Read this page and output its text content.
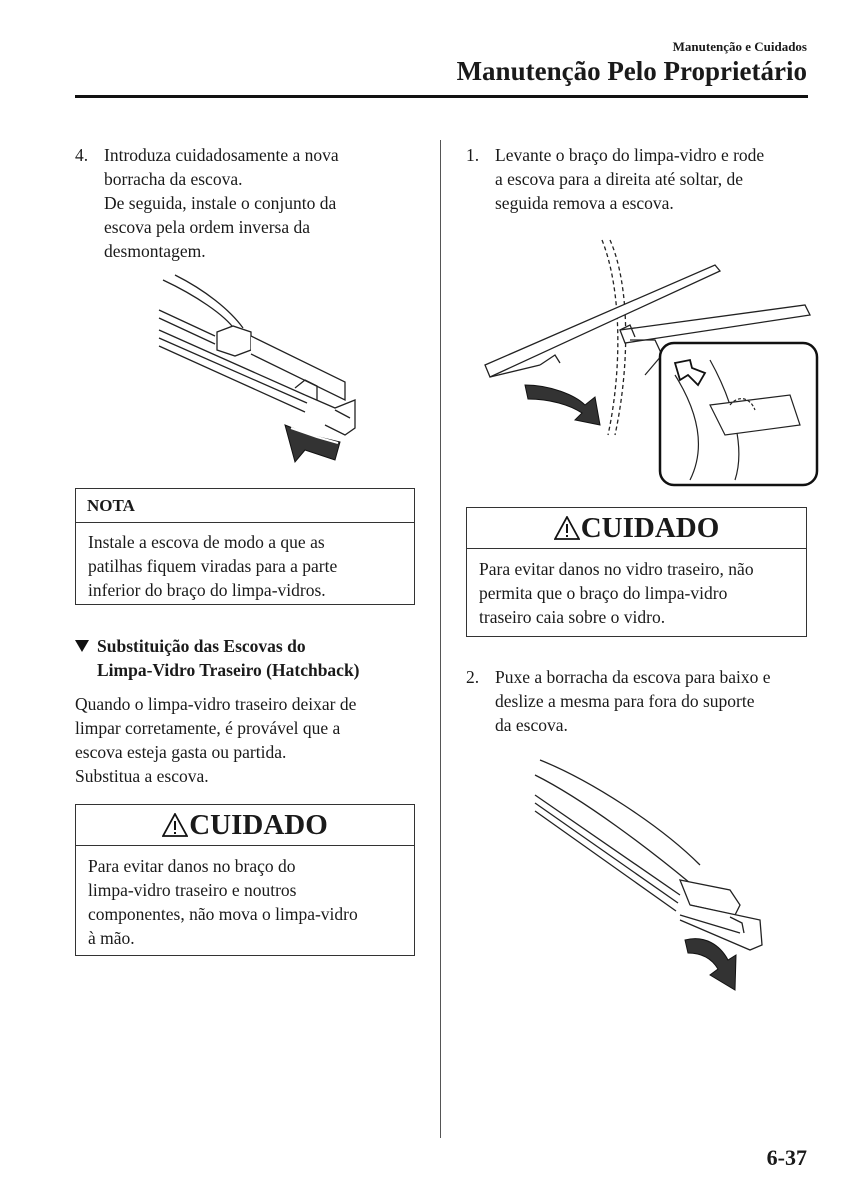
Manutenção e Cuidados
Manutenção Pelo Proprietário
4. Introduza cuidadosamente a nova
borracha da escova.
De seguida, instale o conjunto da
escova pela ordem inversa da
desmontagem.
NOTA
Instale a escova de modo a que as
patilhas fiquem viradas para a parte
inferior do braço do limpa-vidros.
Substituição das Escovas do
Limpa-Vidro Traseiro (Hatchback)
Quando o limpa-vidro traseiro deixar de
limpar corretamente, é provável que a
escova esteja gasta ou partida.
Substitua a escova.
CUIDADO
Para evitar danos no braço do
limpa-vidro traseiro e noutros
componentes, não mova o limpa-vidro
à mão.
1. Levante o braço do limpa-vidro e rode
a escova para a direita até soltar, de
seguida remova a escova.
CUIDADO
Para evitar danos no vidro traseiro, não
permita que o braço do limpa-vidro
traseiro caia sobre o vidro.
2. Puxe a borracha da escova para baixo e
deslize a mesma para fora do suporte
da escova.
6-37
